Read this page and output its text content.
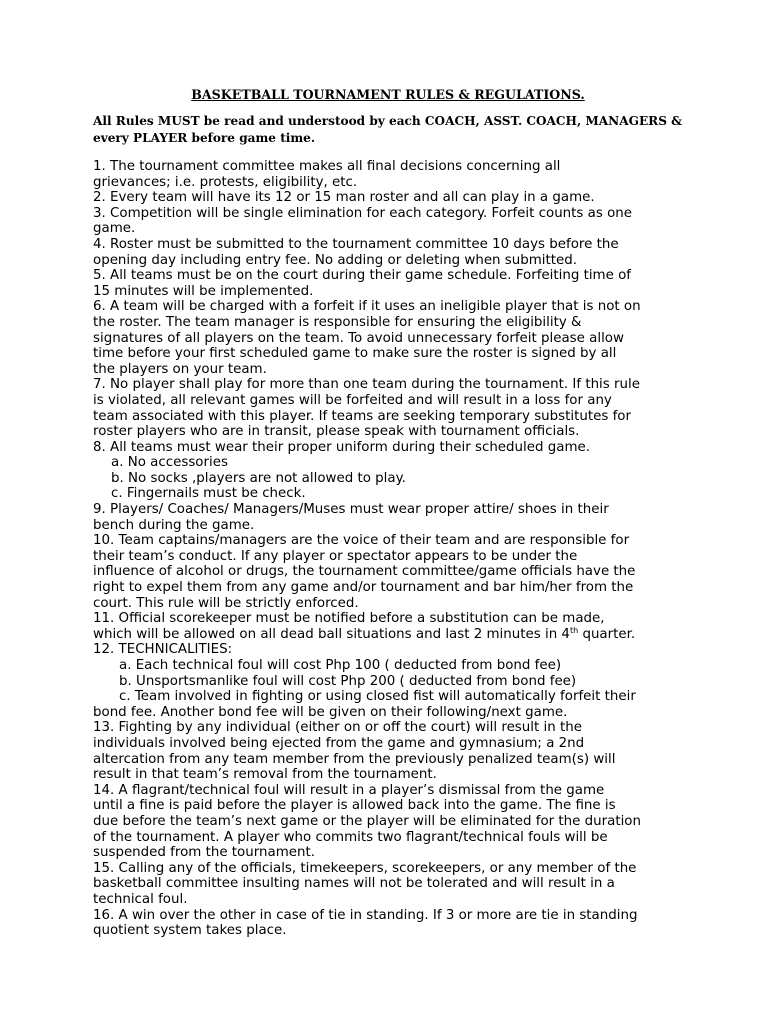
BASKETBALL TOURNAMENT RULES & REGULATIONS.

All Rules MUST be read and understood by each COACH, ASST. COACH, MANAGERS &
every PLAYER before game time.

1. The tournament committee makes all final decisions concerning all
grievances; i.e. protests, eligibility, etc.
2. Every team will have its 12 or 15 man roster and all can play in a game.
3. Competition will be single elimination for each category. Forfeit counts as one
game.
4. Roster must be submitted to the tournament committee 10 days before the
opening day including entry fee. No adding or deleting when submitted.
5. All teams must be on the court during their game schedule. Forfeiting time of
15 minutes will be implemented.
6. A team will be charged with a forfeit if it uses an ineligible player that is not on
the roster. The team manager is responsible for ensuring the eligibility &
signatures of all players on the team. To avoid unnecessary forfeit please allow
time before your first scheduled game to make sure the roster is signed by all
the players on your team.
7. No player shall play for more than one team during the tournament. If this rule
is violated, all relevant games will be forfeited and will result in a loss for any
team associated with this player. If teams are seeking temporary substitutes for
roster players who are in transit, please speak with tournament officials.
8. All teams must wear their proper uniform during their scheduled game.
a. No accessories
b. No socks ,players are not allowed to play.
c. Fingernails must be check.
9. Players/ Coaches/ Managers/Muses must wear proper attire/ shoes in their
bench during the game.
10. Team captains/managers are the voice of their team and are responsible for
their team’s conduct. If any player or spectator appears to be under the
influence of alcohol or drugs, the tournament committee/game officials have the
right to expel them from any game and/or tournament and bar him/her from the
court. This rule will be strictly enforced.
11. Official scorekeeper must be notified before a substitution can be made,
which will be allowed on all dead ball situations and last 2 minutes in 4th quarter.
12. TECHNICALITIES:
a. Each technical foul will cost Php 100 ( deducted from bond fee)
b. Unsportsmanlike foul will cost Php 200 ( deducted from bond fee)
c. Team involved in fighting or using closed fist will automatically forfeit their
bond fee. Another bond fee will be given on their following/next game.
13. Fighting by any individual (either on or off the court) will result in the
individuals involved being ejected from the game and gymnasium; a 2nd
altercation from any team member from the previously penalized team(s) will
result in that team’s removal from the tournament.
14. A flagrant/technical foul will result in a player’s dismissal from the game
until a fine is paid before the player is allowed back into the game. The fine is
due before the team’s next game or the player will be eliminated for the duration
of the tournament. A player who commits two flagrant/technical fouls will be
suspended from the tournament.
15. Calling any of the officials, timekeepers, scorekeepers, or any member of the
basketball committee insulting names will not be tolerated and will result in a
technical foul.
16. A win over the other in case of tie in standing. If 3 or more are tie in standing
quotient system takes place.
